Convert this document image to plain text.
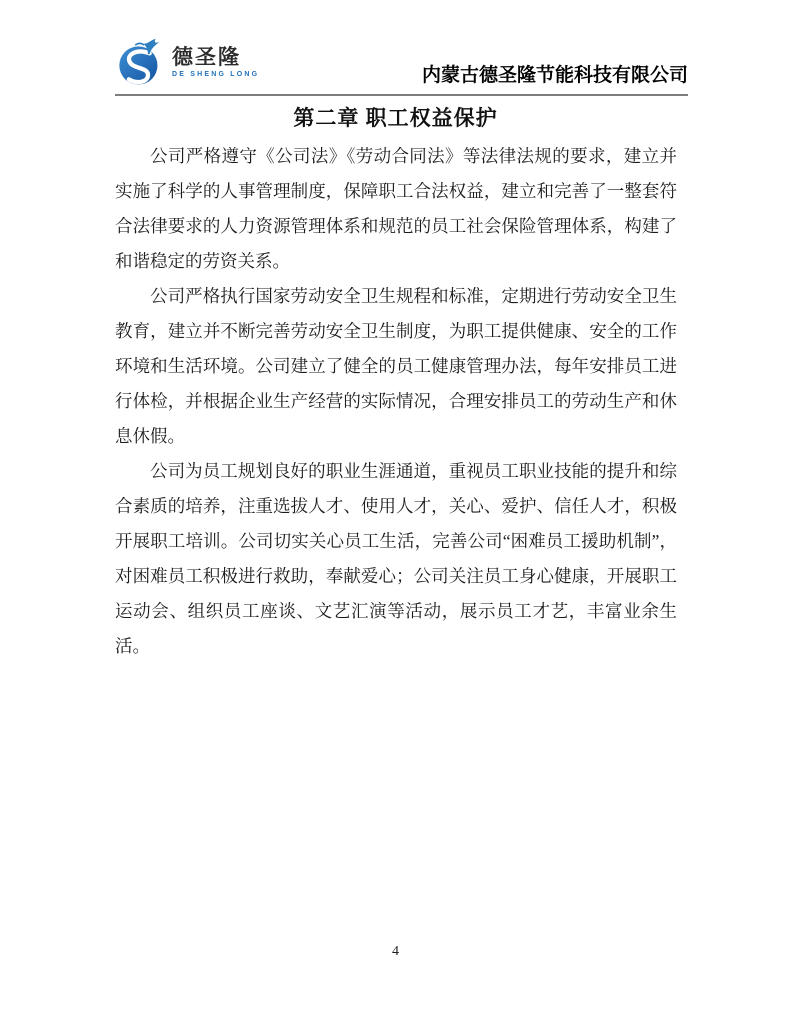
德圣隆
DE SHENG LONG	内蒙古德圣隆节能科技有限公司
第二章 职工权益保护

公司严格遵守《公司法》《劳动合同法》等法律法规的要求，建立并实施了科学的人事管理制度，保障职工合法权益，建立和完善了一整套符合法律要求的人力资源管理体系和规范的员工社会保险管理体系，构建了和谐稳定的劳资关系。

公司严格执行国家劳动安全卫生规程和标准，定期进行劳动安全卫生教育，建立并不断完善劳动安全卫生制度，为职工提供健康、安全的工作环境和生活环境。公司建立了健全的员工健康管理办法，每年安排员工进行体检，并根据企业生产经营的实际情况，合理安排员工的劳动生产和休息休假。

公司为员工规划良好的职业生涯通道，重视员工职业技能的提升和综合素质的培养，注重选拔人才、使用人才，关心、爱护、信任人才，积极开展职工培训。公司切实关心员工生活，完善公司“困难员工援助机制”，对困难员工积极进行救助，奉献爱心；公司关注员工身心健康，开展职工运动会、组织员工座谈、文艺汇演等活动，展示员工才艺，丰富业余生活。

4
